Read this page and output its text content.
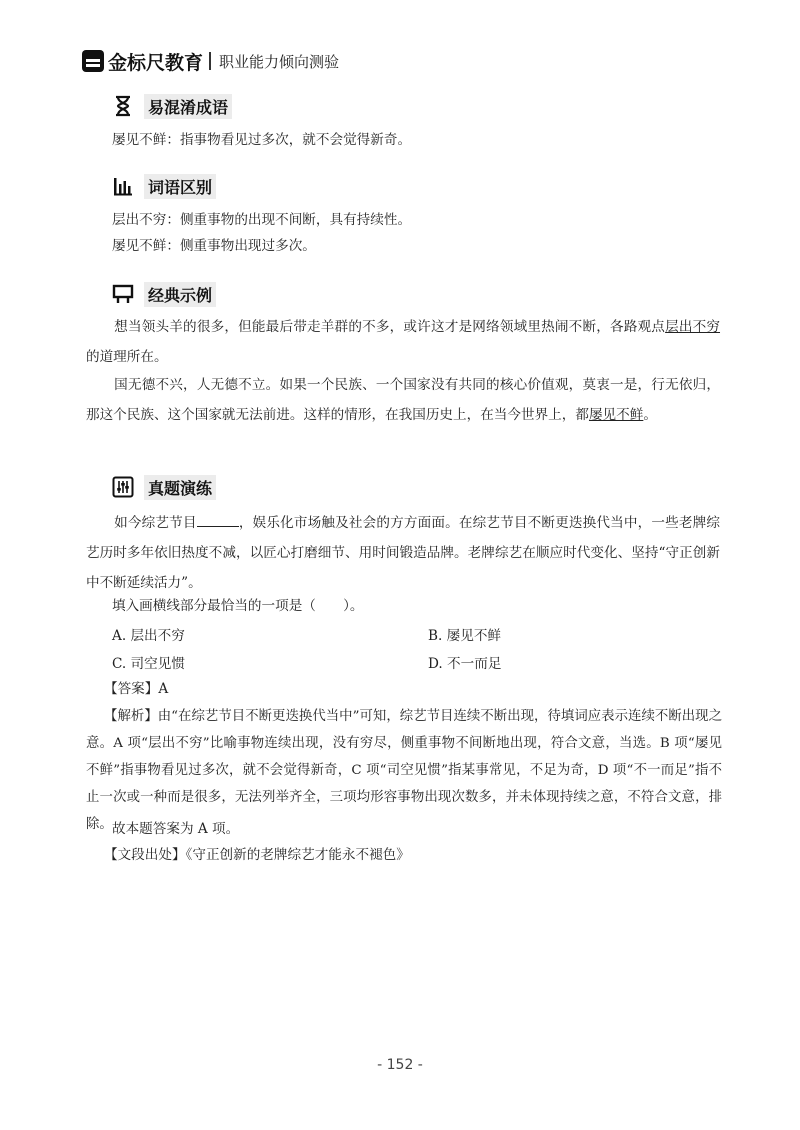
金标尺教育 职业能力倾向测验
易混淆成语
屡见不鲜：指事物看见过多次，就不会觉得新奇。
词语区别
层出不穷：侧重事物的出现不间断，具有持续性。
屡见不鲜：侧重事物出现过多次。
经典示例
想当领头羊的很多，但能最后带走羊群的不多，或许这才是网络领域里热闹不断，各路观点层出不穷的道理所在。
国无德不兴，人无德不立。如果一个民族、一个国家没有共同的核心价值观，莫衷一是，行无依归，那这个民族、这个国家就无法前进。这样的情形，在我国历史上，在当今世界上，都屡见不鲜。
真题演练
如今综艺节目	，娱乐化市场触及社会的方方面面。在综艺节目不断更迭换代当中，一些老牌综艺历时多年依旧热度不减，以匠心打磨细节、用时间锻造品牌。老牌综艺在顺应时代变化、坚持“守正创新中不断延续活力”。
填入画横线部分最恰当的一项是（　　）。
A. 层出不穷	B. 屡见不鲜
C. 司空见惯	D. 不一而足
【答案】A
【解析】由“在综艺节目不断更迭换代当中”可知，综艺节目连续不断出现，待填词应表示连续不断出现之意。A 项“层出不穷”比喻事物连续出现，没有穷尽，侧重事物不间断地出现，符合文意，当选。B 项“屡见不鲜”指事物看见过多次，就不会觉得新奇，C 项“司空见惯”指某事常见，不足为奇，D 项“不一而足”指不止一次或一种而是很多，无法列举齐全，三项均形容事物出现次数多，并未体现持续之意，不符合文意，排除。 故本题答案为 A 项。
【文段出处】《守正创新的老牌综艺才能永不褪色》
- 152 -
